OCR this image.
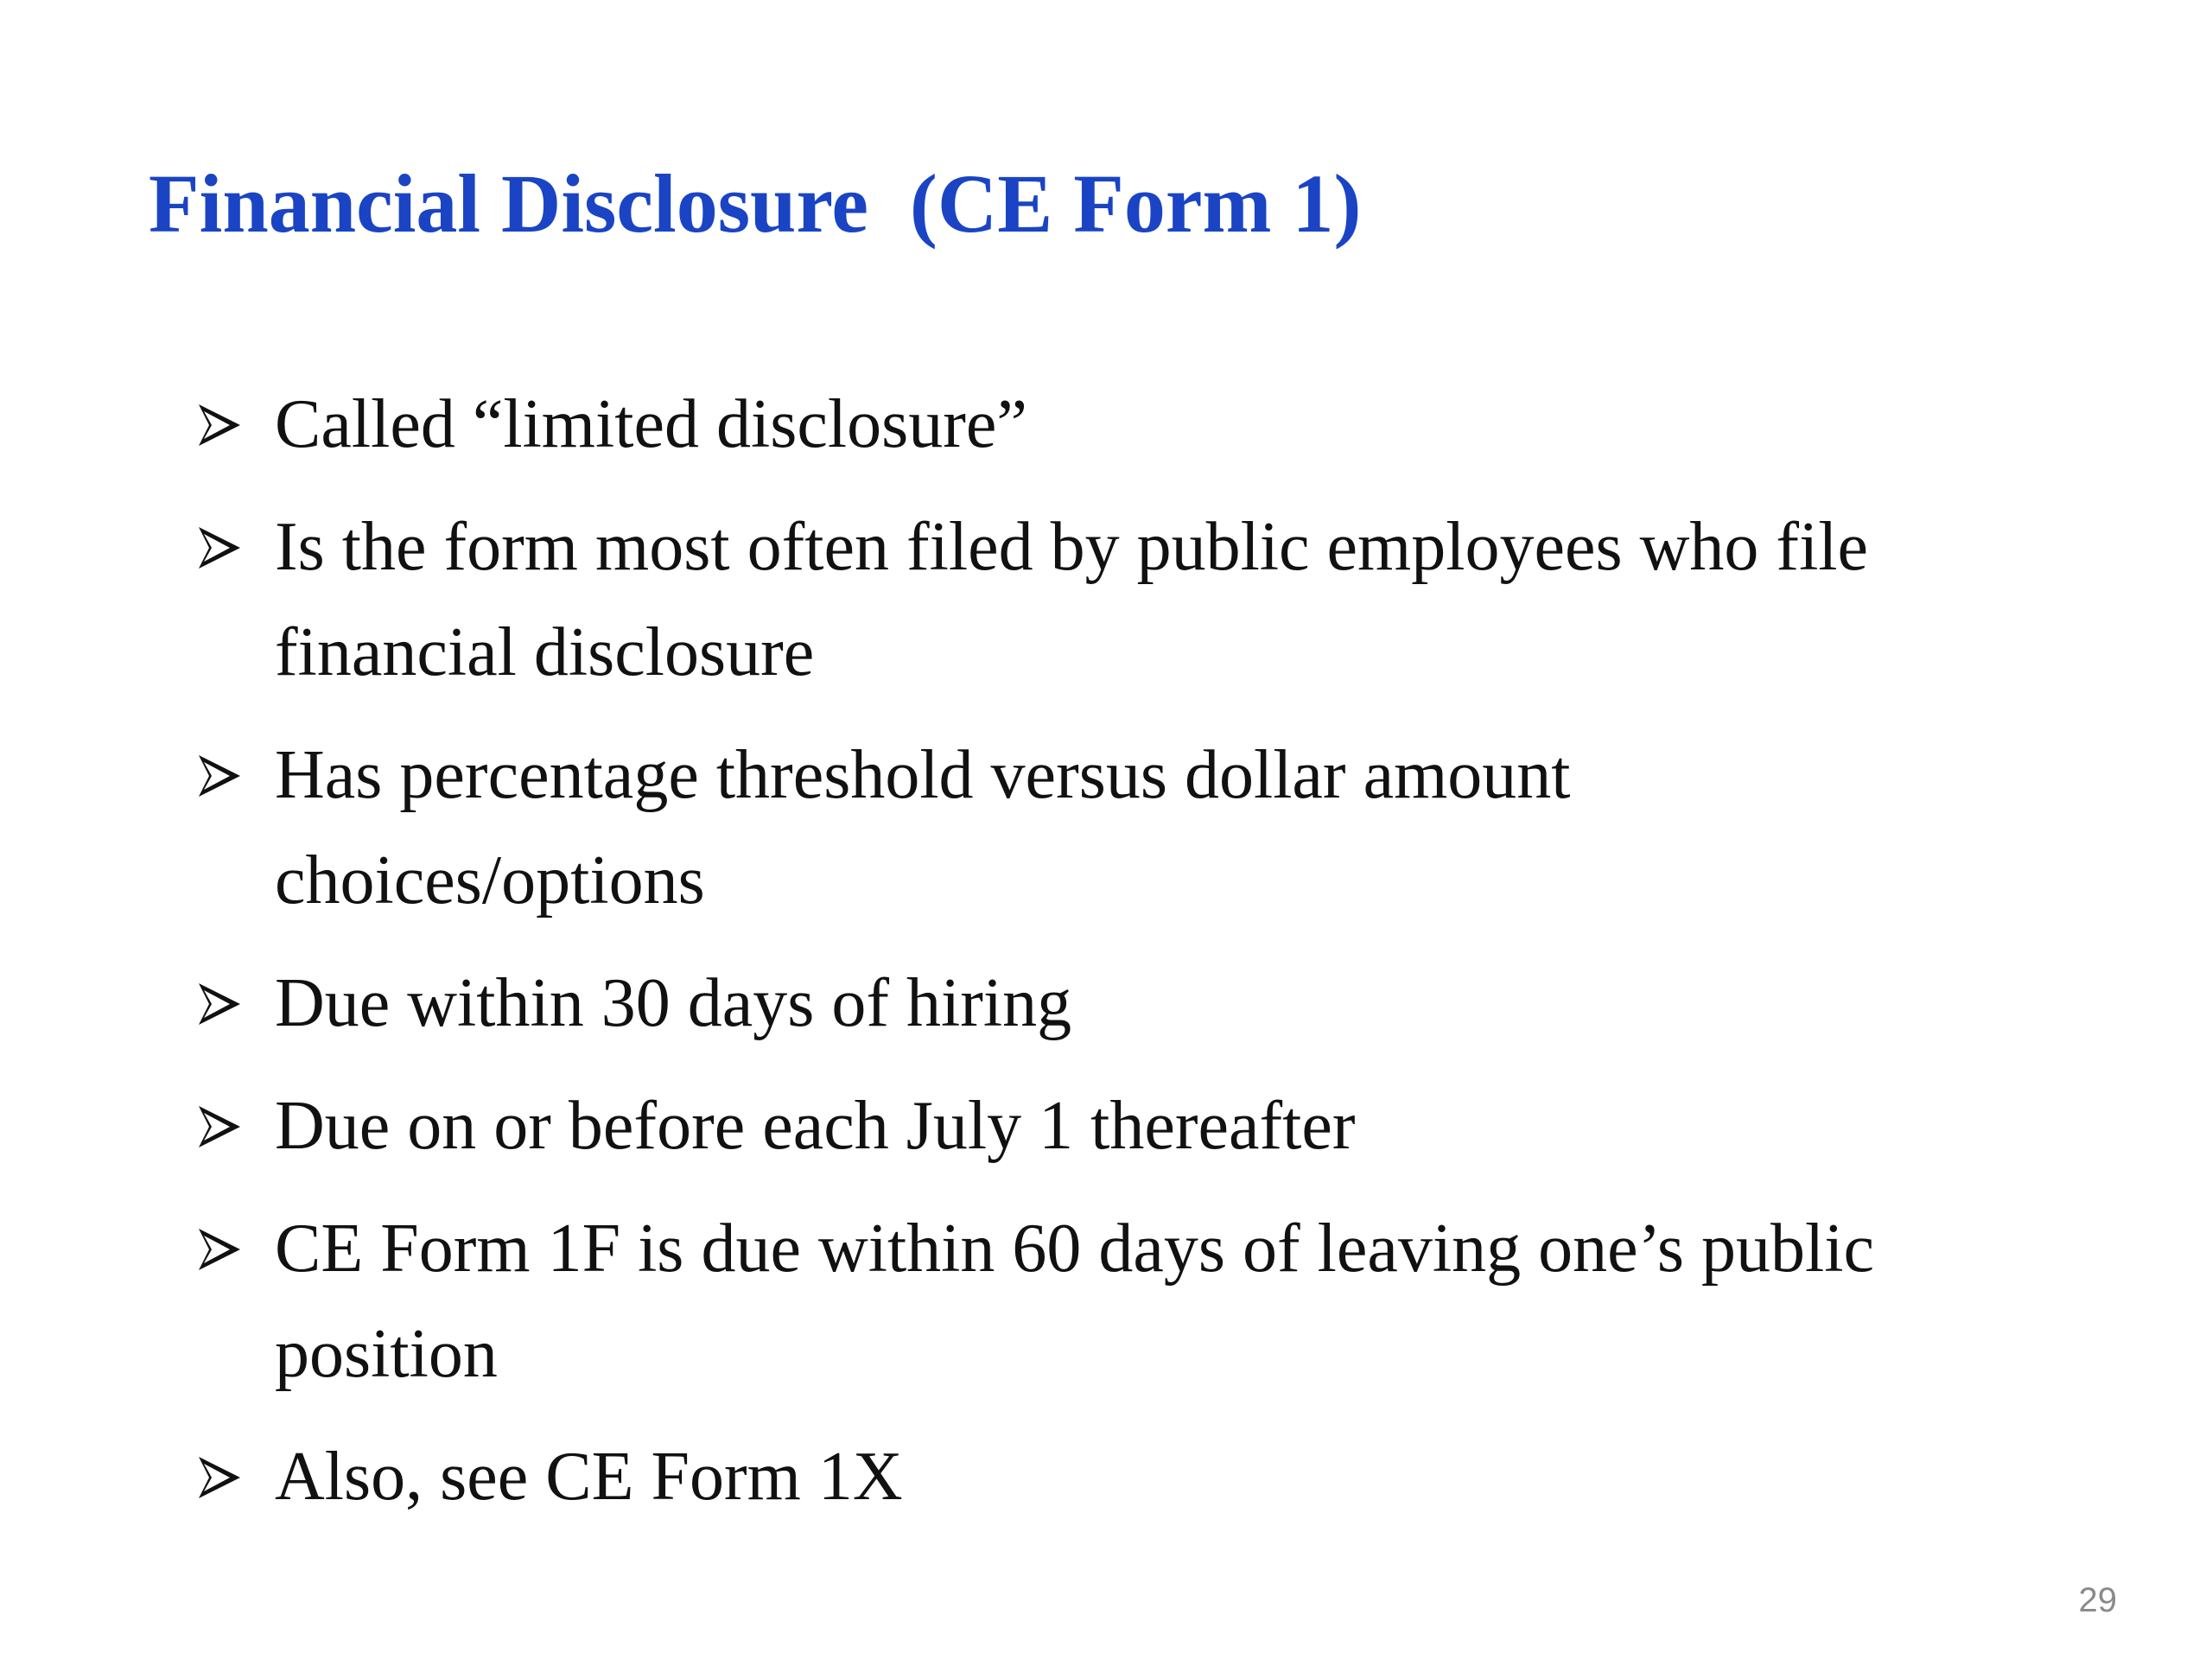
Financial Disclosure  (CE Form 1)
Called “limited disclosure”
Is the form most often filed by public employees who file financial disclosure
Has percentage threshold versus dollar amount choices/options
Due within 30 days of hiring
Due on or before each July 1 thereafter
CE Form 1F is due within 60 days of leaving one’s public position
Also, see CE Form 1X
29
